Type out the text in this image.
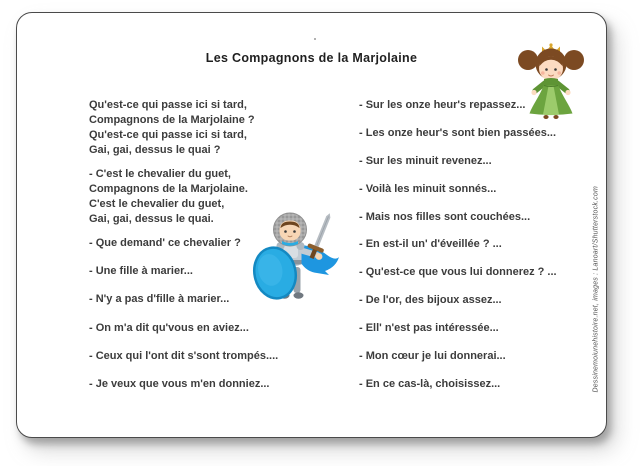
Les Compagnons de la Marjolaine
Qu'est-ce qui passe ici si tard,
Compagnons de la Marjolaine ?
Qu'est-ce qui passe ici si tard,
Gai, gai, dessus le quai ?
- C'est le chevalier du guet,
Compagnons de la Marjolaine.
C'est le chevalier du guet,
Gai, gai, dessus le quai.
- Que demand' ce chevalier ?
- Une fille à marier...
- N'y a pas d'fille à marier...
- On m'a dit qu'vous en aviez...
- Ceux qui l'ont dit s'sont trompés....
- Je veux que vous m'en donniez...
- Sur les onze heur's repassez...
- Les onze heur's sont bien passées...
- Sur les minuit revenez...
- Voilà les minuit sonnés...
- Mais nos filles sont couchées...
- En est-il un' d'éveillée ? ...
- Qu'est-ce que vous lui donnerez ? ...
- De l'or, des bijoux assez...
- Ell' n'est pas intéressée...
- Mon cœur je lui donnerai...
- En ce cas-là, choisissez...	Dessinemoiunehistoire.net, images : Lanoart/Shutterstock.com
